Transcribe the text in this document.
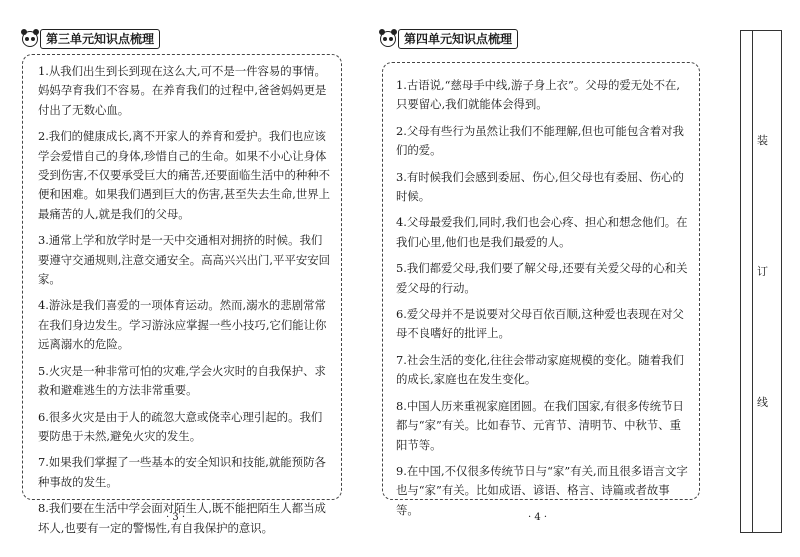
第三单元知识点梳理
1.从我们出生到长到现在这么大,可不是一件容易的事情。妈妈孕育我们不容易。在养育我们的过程中,爸爸妈妈更是付出了无数心血。
2.我们的健康成长,离不开家人的养育和爱护。我们也应该学会爱惜自己的身体,珍惜自己的生命。如果不小心让身体受到伤害,不仅要承受巨大的痛苦,还要面临生活中的种种不便和困难。如果我们遇到巨大的伤害,甚至失去生命,世界上最痛苦的人,就是我们的父母。
3.通常上学和放学时是一天中交通相对拥挤的时候。我们要遵守交通规则,注意交通安全。高高兴兴出门,平平安安回家。
4.游泳是我们喜爱的一项体育运动。然而,溺水的悲剧常常在我们身边发生。学习游泳应掌握一些小技巧,它们能让你远离溺水的危险。
5.火灾是一种非常可怕的灾难,学会火灾时的自我保护、求救和避难逃生的方法非常重要。
6.很多火灾是由于人的疏忽大意或侥幸心理引起的。我们要防患于未然,避免火灾的发生。
7.如果我们掌握了一些基本的安全知识和技能,就能预防各种事故的发生。
8.我们要在生活中学会面对陌生人,既不能把陌生人都当成坏人,也要有一定的警惕性,有自我保护的意识。
· 3 ·
第四单元知识点梳理
1.古语说,“慈母手中线,游子身上衣”。父母的爱无处不在,只要留心,我们就能体会得到。
2.父母有些行为虽然让我们不能理解,但也可能包含着对我们的爱。
3.有时候我们会感到委屈、伤心,但父母也有委屈、伤心的时候。
4.父母最爱我们,同时,我们也会心疼、担心和想念他们。在我们心里,他们也是我们最爱的人。
5.我们都爱父母,我们要了解父母,还要有关爱父母的心和关爱父母的行动。
6.爱父母并不是说要对父母百依百顺,这种爱也表现在对父母不良嗜好的批评上。
7.社会生活的变化,往往会带动家庭规模的变化。随着我们的成长,家庭也在发生变化。
8.中国人历来重视家庭团圆。在我们国家,有很多传统节日都与“家”有关。比如春节、元宵节、清明节、中秋节、重阳节等。
9.在中国,不仅很多传统节日与“家”有关,而且很多语言文字也与“家”有关。比如成语、谚语、格言、诗篇或者故事等。
· 4 ·
装
订
线
